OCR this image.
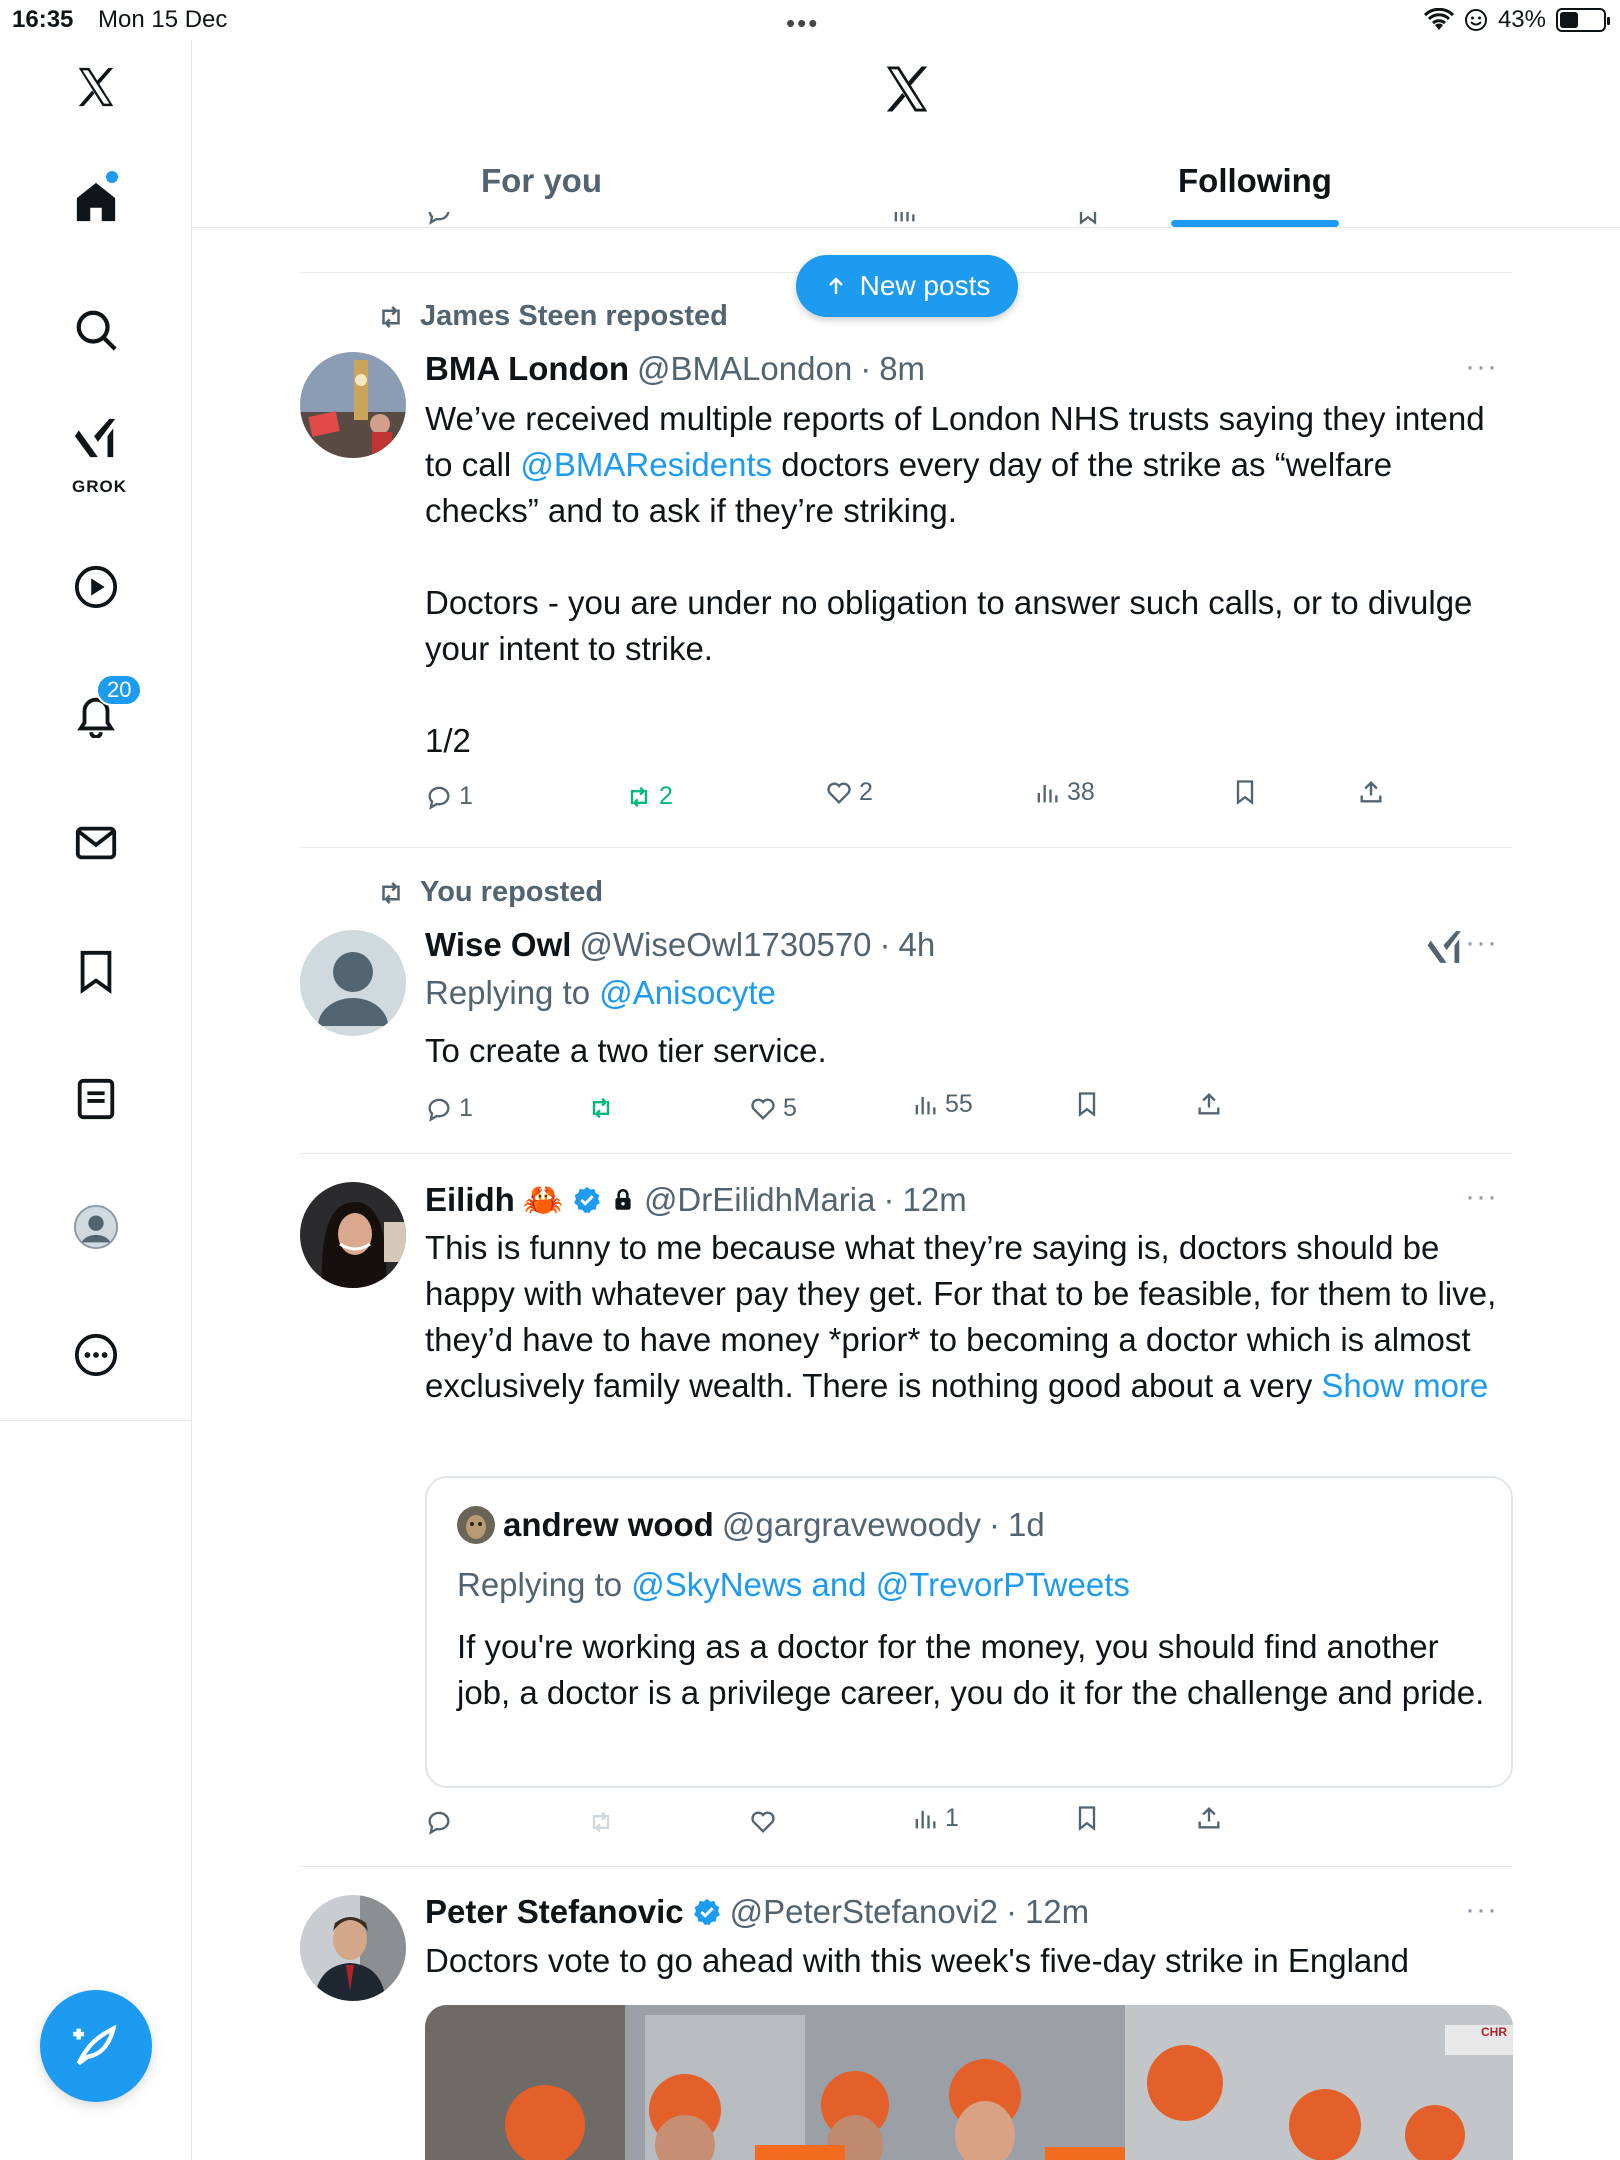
16:35 Mon 15 Dec	•••	43%
GROK
20
For you	Following
New posts
James Steen reposted
BMA London @BMALondon · 8m	···
We’ve received multiple reports of London NHS trusts saying they intend to call @BMAResidents doctors every day of the strike as “welfare checks” and to ask if they’re striking.
Doctors - you are under no obligation to answer such calls, or to divulge your intent to strike.
1/2
1	2	2	38
You reposted
Wise Owl @WiseOwl1730570 · 4h	···
Replying to @Anisocyte
To create a two tier service.
1	5	55
Eilidh 🦀 @DrEilidhMaria · 12m	···
This is funny to me because what they’re saying is, doctors should be happy with whatever pay they get. For that to be feasible, for them to live, they’d have to have money *prior* to becoming a doctor which is almost exclusively family wealth. There is nothing good about a very Show more
andrew wood @gargravewoody · 1d
Replying to @SkyNews and @TrevorPTweets
If you're working as a doctor for the money, you should find another job, a doctor is a privilege career, you do it for the challenge and pride.
1
Peter Stefanovic @PeterStefanovi2 · 12m	···
Doctors vote to go ahead with this week's five-day strike in England
CHR
